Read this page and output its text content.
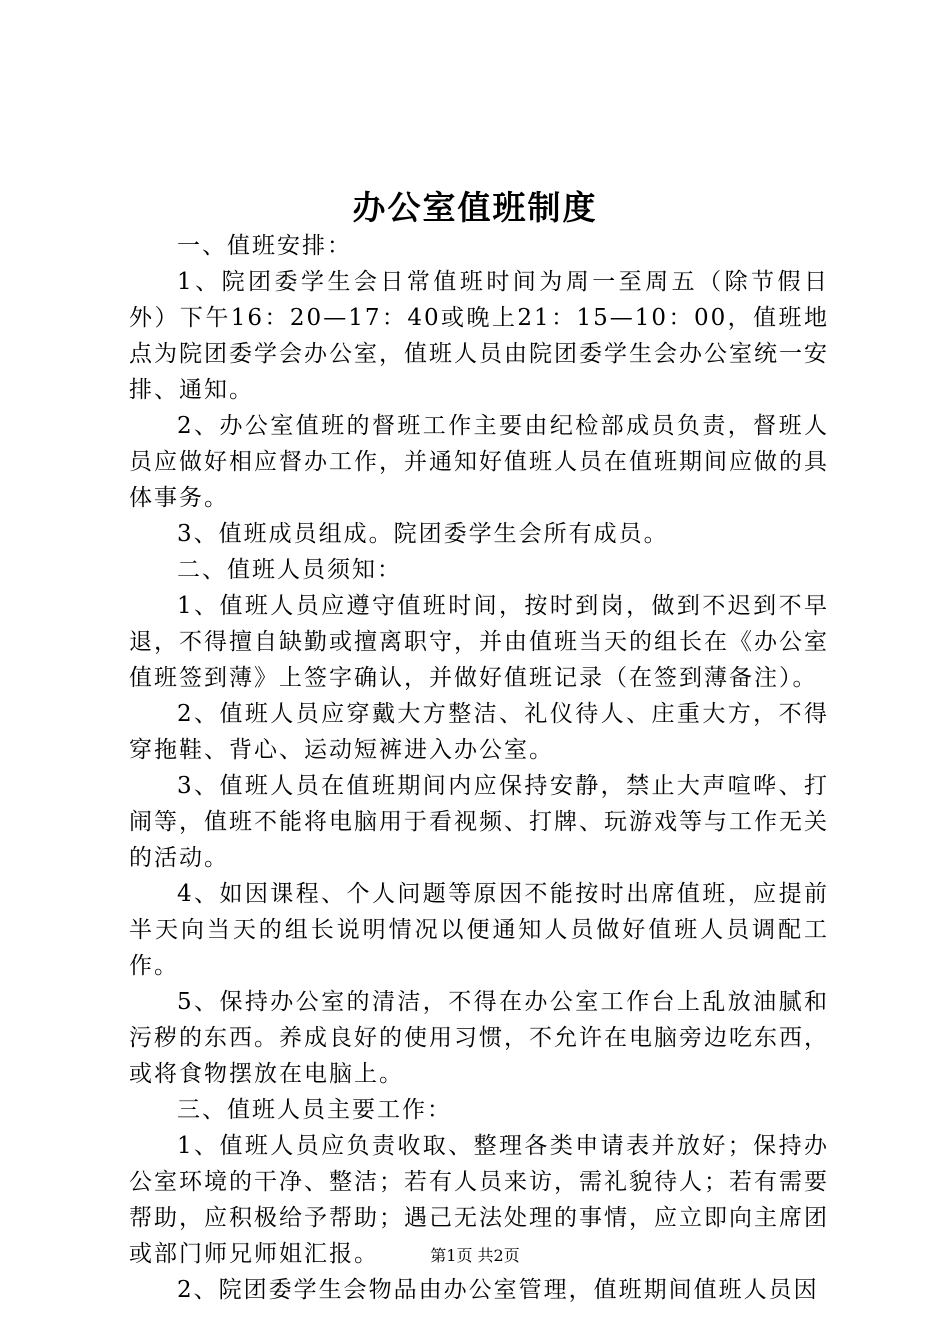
办公室值班制度

一、值班安排：

1、院团委学生会日常值班时间为周一至周五（除节假日外）下午16：20—17：40或晚上21：15—10：00，值班地点为院团委学会办公室，值班人员由院团委学生会办公室统一安排、通知。

2、办公室值班的督班工作主要由纪检部成员负责，督班人员应做好相应督办工作，并通知好值班人员在值班期间应做的具体事务。

3、值班成员组成。院团委学生会所有成员。

二、值班人员须知：

1、值班人员应遵守值班时间，按时到岗，做到不迟到不早退，不得擅自缺勤或擅离职守，并由值班当天的组长在《办公室值班签到薄》上签字确认，并做好值班记录（在签到薄备注）。

2、值班人员应穿戴大方整洁、礼仪待人、庄重大方，不得穿拖鞋、背心、运动短裤进入办公室。

3、值班人员在值班期间内应保持安静，禁止大声喧哗、打闹等，值班不能将电脑用于看视频、打牌、玩游戏等与工作无关的活动。

4、如因课程、个人问题等原因不能按时出席值班，应提前半天向当天的组长说明情况以便通知人员做好值班人员调配工作。

5、保持办公室的清洁，不得在办公室工作台上乱放油腻和污秽的东西。养成良好的使用习惯，不允许在电脑旁边吃东西，或将食物摆放在电脑上。

三、值班人员主要工作：

1、值班人员应负责收取、整理各类申请表并放好；保持办公室环境的干净、整洁；若有人员来访，需礼貌待人；若有需要帮助，应积极给予帮助；遇己无法处理的事情，应立即向主席团或部门师兄师姐汇报。

2、院团委学生会物品由办公室管理，值班期间值班人员因

第1页 共2页
